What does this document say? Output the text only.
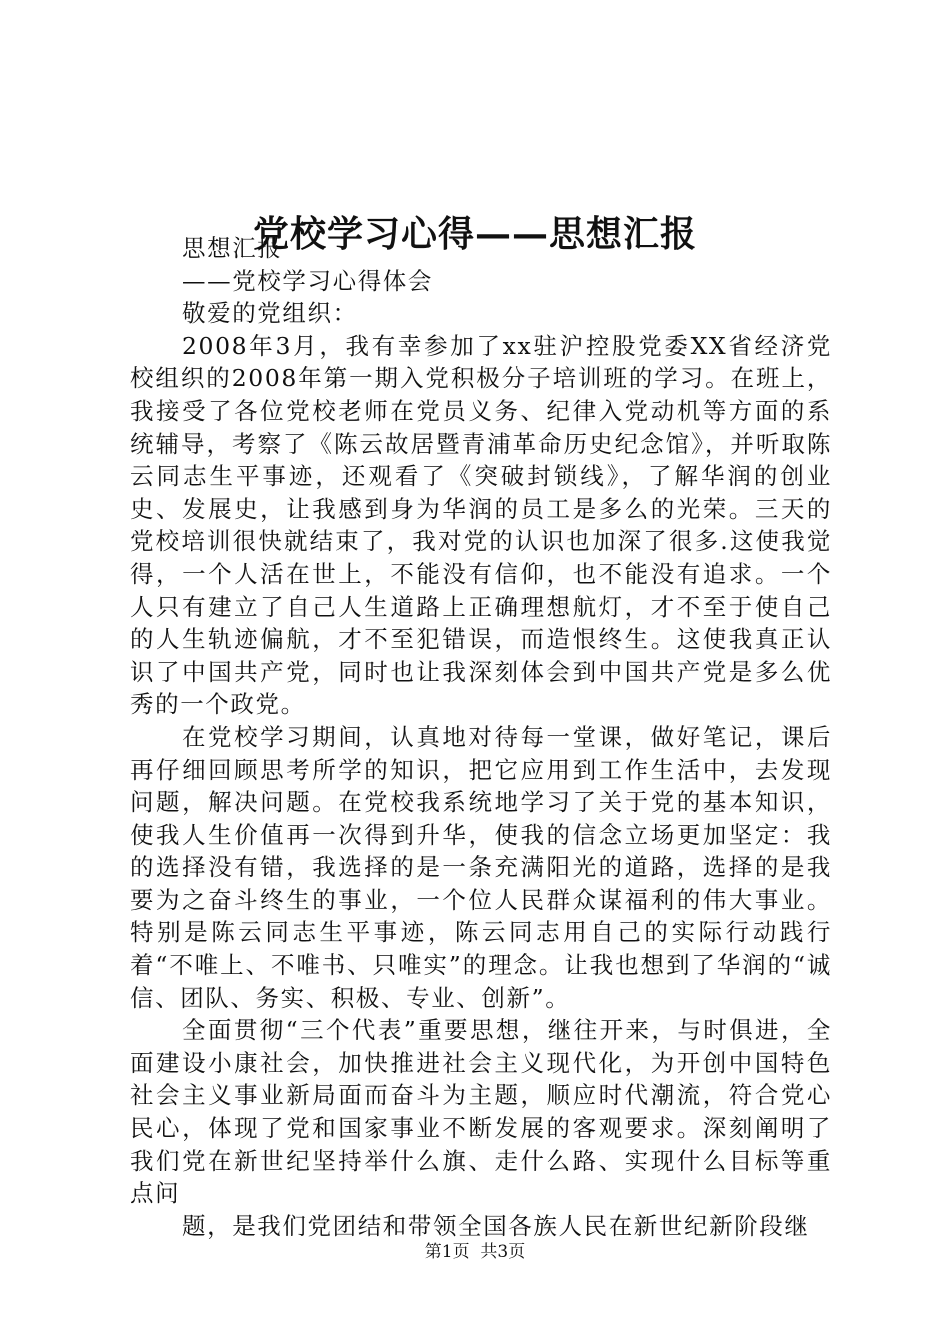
党校学习心得——思想汇报

思想汇报

——党校学习心得体会

敬爱的党组织：

2008年3月，我有幸参加了xx驻沪控股党委XX省经济党校组织的2008年第一期入党积极分子培训班的学习。在班上，我接受了各位党校老师在党员义务、纪律入党动机等方面的系统辅导，考察了《陈云故居暨青浦革命历史纪念馆》，并听取陈云同志生平事迹，还观看了《突破封锁线》，了解华润的创业史、发展史，让我感到身为华润的员工是多么的光荣。三天的党校培训很快就结束了，我对党的认识也加深了很多.这使我觉得，一个人活在世上，不能没有信仰，也不能没有追求。一个人只有建立了自己人生道路上正确理想航灯，才不至于使自己的人生轨迹偏航，才不至犯错误，而造恨终生。这使我真正认识了中国共产党，同时也让我深刻体会到中国共产党是多么优秀的一个政党。

在党校学习期间，认真地对待每一堂课，做好笔记，课后再仔细回顾思考所学的知识，把它应用到工作生活中，去发现问题，解决问题。在党校我系统地学习了关于党的基本知识，使我人生价值再一次得到升华，使我的信念立场更加坚定：我的选择没有错，我选择的是一条充满阳光的道路，选择的是我要为之奋斗终生的事业，一个位人民群众谋福利的伟大事业。特别是陈云同志生平事迹，陈云同志用自己的实际行动践行着“不唯上、不唯书、只唯实”的理念。让我也想到了华润的“诚信、团队、务实、积极、专业、创新”。

全面贯彻“三个代表”重要思想，继往开来，与时俱进，全面建设小康社会，加快推进社会主义现代化，为开创中国特色社会主义事业新局面而奋斗为主题，顺应时代潮流，符合党心民心，体现了党和国家事业不断发展的客观要求。深刻阐明了我们党在新世纪坚持举什么旗、走什么路、实现什么目标等重点问

题，是我们党团结和带领全国各族人民在新世纪新阶段继

第1页 共3页
